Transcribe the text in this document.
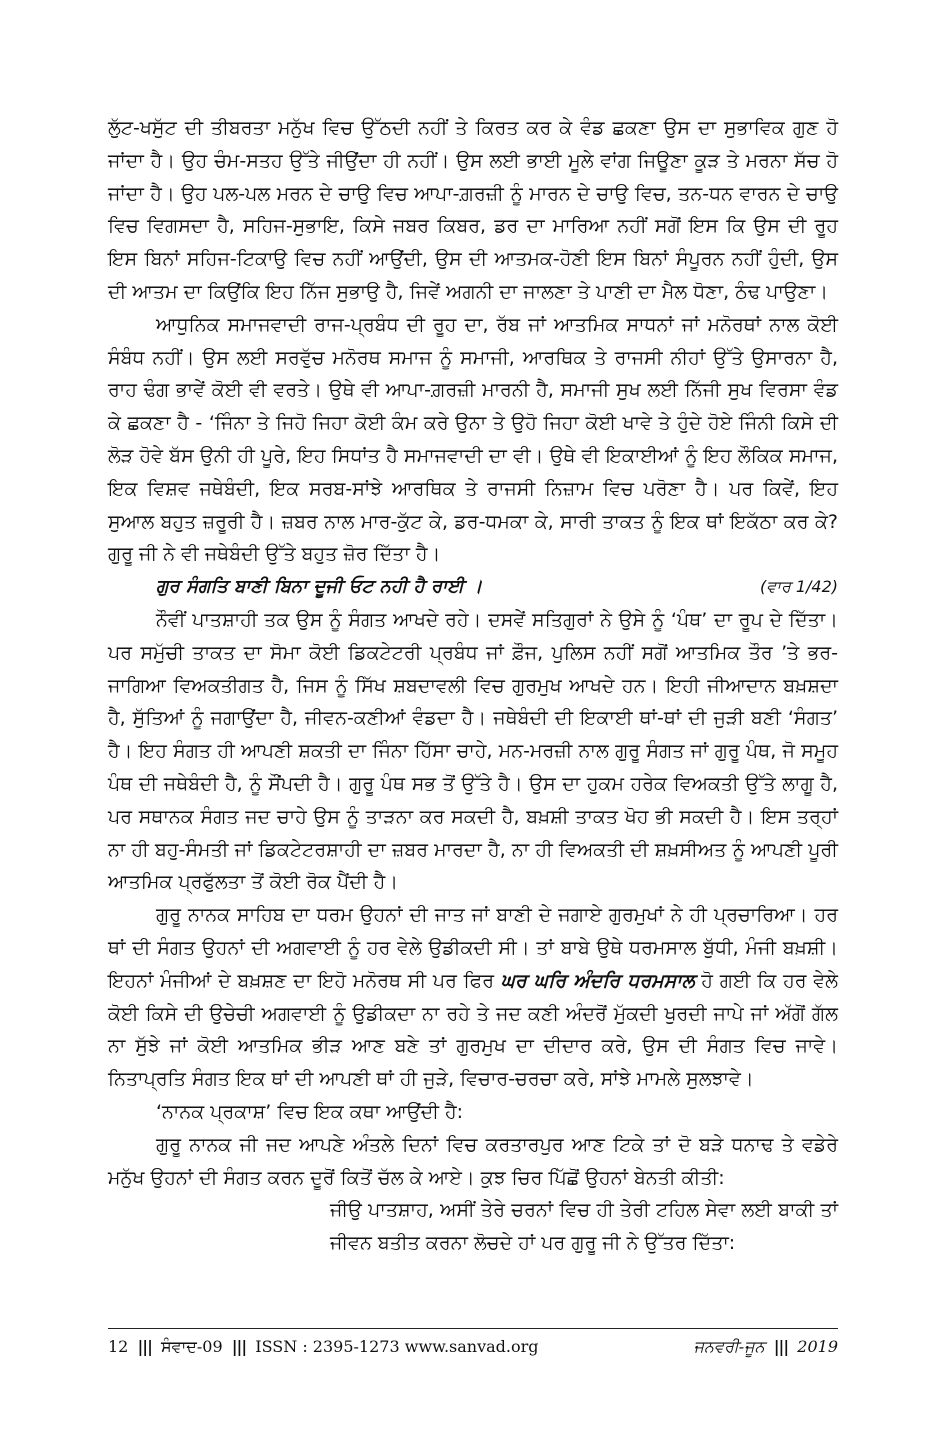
ਲੁੱਟ-ਖਸੁੱਟ ਦੀ ਤੀਬਰਤਾ ਮਨੁੱਖ ਵਿਚ ਉੱਠਦੀ ਨਹੀਂ ਤੇ ਕਿਰਤ ਕਰ ਕੇ ਵੰਡ ਛਕਣਾ ਉਸ ਦਾ ਸੁਭਾਵਿਕ ਗੁਣ ਹੋ ਜਾਂਦਾ ਹੈ। ਉਹ ਚੰਮ-ਸਤਹ ਉੱਤੇ ਜੀਉਂਦਾ ਹੀ ਨਹੀਂ। ਉਸ ਲਈ ਭਾਈ ਮੂਲੇ ਵਾਂਗ ਜਿਊਣਾ ਕੂੜ ਤੇ ਮਰਨਾ ਸੱਚ ਹੋ ਜਾਂਦਾ ਹੈ। ਉਹ ਪਲ-ਪਲ ਮਰਨ ਦੇ ਚਾਉ ਵਿਚ ਆਪਾ-ਗ਼ਰਜ਼ੀ ਨੂੰ ਮਾਰਨ ਦੇ ਚਾਉ ਵਿਚ, ਤਨ-ਧਨ ਵਾਰਨ ਦੇ ਚਾਉ ਵਿਚ ਵਿਗਸਦਾ ਹੈ, ਸਹਿਜ-ਸੁਭਾਇ, ਕਿਸੇ ਜਬਰ ਕਿਬਰ, ਡਰ ਦਾ ਮਾਰਿਆ ਨਹੀਂ ਸਗੋਂ ਇਸ ਕਿ ਉਸ ਦੀ ਰੂਹ ਇਸ ਬਿਨਾਂ ਸਹਿਜ-ਟਿਕਾਉ ਵਿਚ ਨਹੀਂ ਆਉਂਦੀ, ਉਸ ਦੀ ਆਤਮਕ-ਹੋਣੀ ਇਸ ਬਿਨਾਂ ਸੰਪੂਰਨ ਨਹੀਂ ਹੁੰਦੀ, ਉਸ ਦੀ ਆਤਮ ਦਾ ਕਿਉਂਕਿ ਇਹ ਨਿੱਜ ਸੁਭਾਉ ਹੈ, ਜਿਵੇਂ ਅਗਨੀ ਦਾ ਜਾਲਣਾ ਤੇ ਪਾਣੀ ਦਾ ਮੈਲ ਧੋਣਾ, ਠੰਢ ਪਾਉਣਾ।

ਆਧੁਨਿਕ ਸਮਾਜਵਾਦੀ ਰਾਜ-ਪ੍ਰਬੰਧ ਦੀ ਰੂਹ ਦਾ, ਰੱਬ ਜਾਂ ਆਤਮਿਕ ਸਾਧਨਾਂ ਜਾਂ ਮਨੋਰਥਾਂ ਨਾਲ ਕੋਈ ਸੰਬੰਧ ਨਹੀਂ। ਉਸ ਲਈ ਸਰਵੁੱਚ ਮਨੋਰਥ ਸਮਾਜ ਨੂੰ ਸਮਾਜੀ, ਆਰਥਿਕ ਤੇ ਰਾਜਸੀ ਨੀਹਾਂ ਉੱਤੇ ਉਸਾਰਨਾ ਹੈ, ਰਾਹ ਢੰਗ ਭਾਵੇਂ ਕੋਈ ਵੀ ਵਰਤੇ। ਉਥੇ ਵੀ ਆਪਾ-ਗ਼ਰਜ਼ੀ ਮਾਰਨੀ ਹੈ, ਸਮਾਜੀ ਸੁਖ ਲਈ ਨਿੱਜੀ ਸੁਖ ਵਿਰਸਾ ਵੰਡ ਕੇ ਛਕਣਾ ਹੈ - ‘ਜਿੰਨਾ ਤੇ ਜਿਹੋ ਜਿਹਾ ਕੋਈ ਕੰਮ ਕਰੇ ਉਨਾ ਤੇ ਉਹੋ ਜਿਹਾ ਕੋਈ ਖਾਵੇ ਤੇ ਹੁੰਦੇ ਹੋਏ ਜਿੰਨੀ ਕਿਸੇ ਦੀ ਲੋੜ ਹੋਵੇ ਬੱਸ ਉਨੀ ਹੀ ਪੂਰੇ, ਇਹ ਸਿਧਾਂਤ ਹੈ ਸਮਾਜਵਾਦੀ ਦਾ ਵੀ। ਉਥੇ ਵੀ ਇਕਾਈਆਂ ਨੂੰ ਇਹ ਲੌਕਿਕ ਸਮਾਜ, ਇਕ ਵਿਸ਼ਵ ਜਥੇਬੰਦੀ, ਇਕ ਸਰਬ-ਸਾਂਝੇ ਆਰਥਿਕ ਤੇ ਰਾਜਸੀ ਨਿਜ਼ਾਮ ਵਿਚ ਪਰੋਣਾ ਹੈ। ਪਰ ਕਿਵੇਂ, ਇਹ ਸੁਆਲ ਬਹੁਤ ਜ਼ਰੂਰੀ ਹੈ। ਜ਼ਬਰ ਨਾਲ ਮਾਰ-ਕੁੱਟ ਕੇ, ਡਰ-ਧਮਕਾ ਕੇ, ਸਾਰੀ ਤਾਕਤ ਨੂੰ ਇਕ ਥਾਂ ਇਕੱਠਾ ਕਰ ਕੇ? ਗੁਰੂ ਜੀ ਨੇ ਵੀ ਜਥੇਬੰਦੀ ਉੱਤੇ ਬਹੁਤ ਜ਼ੋਰ ਦਿੱਤਾ ਹੈ।

ਗੁਰ ਸੰਗਤਿ ਬਾਣੀ ਬਿਨਾ ਦੂਜੀ ਓਟ ਨਹੀ ਹੈ ਰਾਈ ।	(ਵਾਰ 1/42)

ਨੌਵੀਂ ਪਾਤਸ਼ਾਹੀ ਤਕ ਉਸ ਨੂੰ ਸੰਗਤ ਆਖਦੇ ਰਹੇ। ਦਸਵੇਂ ਸਤਿਗੁਰਾਂ ਨੇ ਉਸੇ ਨੂੰ ‘ਪੰਥ’ ਦਾ ਰੂਪ ਦੇ ਦਿੱਤਾ। ਪਰ ਸਮੁੱਚੀ ਤਾਕਤ ਦਾ ਸੋਮਾ ਕੋਈ ਡਿਕਟੇਟਰੀ ਪ੍ਰਬੰਧ ਜਾਂ ਫ਼ੌਜ, ਪੁਲਿਸ ਨਹੀਂ ਸਗੋਂ ਆਤਮਿਕ ਤੌਰ ’ਤੇ ਭਰ-ਜਾਗਿਆ ਵਿਅਕਤੀਗਤ ਹੈ, ਜਿਸ ਨੂੰ ਸਿੱਖ ਸ਼ਬਦਾਵਲੀ ਵਿਚ ਗੁਰਮੁਖ ਆਖਦੇ ਹਨ। ਇਹੀ ਜੀਆਦਾਨ ਬਖ਼ਸ਼ਦਾ ਹੈ, ਸੁੱਤਿਆਂ ਨੂੰ ਜਗਾਉਂਦਾ ਹੈ, ਜੀਵਨ-ਕਣੀਆਂ ਵੰਡਦਾ ਹੈ। ਜਥੇਬੰਦੀ ਦੀ ਇਕਾਈ ਥਾਂ-ਥਾਂ ਦੀ ਜੁੜੀ ਬਣੀ ‘ਸੰਗਤ’ ਹੈ। ਇਹ ਸੰਗਤ ਹੀ ਆਪਣੀ ਸ਼ਕਤੀ ਦਾ ਜਿੰਨਾ ਹਿੱਸਾ ਚਾਹੇ, ਮਨ-ਮਰਜ਼ੀ ਨਾਲ ਗੁਰੂ ਸੰਗਤ ਜਾਂ ਗੁਰੂ ਪੰਥ, ਜੋ ਸਮੂਹ ਪੰਥ ਦੀ ਜਥੇਬੰਦੀ ਹੈ, ਨੂੰ ਸੌਂਪਦੀ ਹੈ। ਗੁਰੂ ਪੰਥ ਸਭ ਤੋਂ ਉੱਤੇ ਹੈ। ਉਸ ਦਾ ਹੁਕਮ ਹਰੇਕ ਵਿਅਕਤੀ ਉੱਤੇ ਲਾਗੂ ਹੈ, ਪਰ ਸਥਾਨਕ ਸੰਗਤ ਜਦ ਚਾਹੇ ਉਸ ਨੂੰ ਤਾੜਨਾ ਕਰ ਸਕਦੀ ਹੈ, ਬਖ਼ਸ਼ੀ ਤਾਕਤ ਖੋਹ ਭੀ ਸਕਦੀ ਹੈ। ਇਸ ਤਰ੍ਹਾਂ ਨਾ ਹੀ ਬਹੁ-ਸੰਮਤੀ ਜਾਂ ਡਿਕਟੇਟਰਸ਼ਾਹੀ ਦਾ ਜ਼ਬਰ ਮਾਰਦਾ ਹੈ, ਨਾ ਹੀ ਵਿਅਕਤੀ ਦੀ ਸ਼ਖ਼ਸੀਅਤ ਨੂੰ ਆਪਣੀ ਪੂਰੀ ਆਤਮਿਕ ਪ੍ਰਫੁੱਲਤਾ ਤੋਂ ਕੋਈ ਰੋਕ ਪੈਂਦੀ ਹੈ।

ਗੁਰੂ ਨਾਨਕ ਸਾਹਿਬ ਦਾ ਧਰਮ ਉਹਨਾਂ ਦੀ ਜਾਤ ਜਾਂ ਬਾਣੀ ਦੇ ਜਗਾਏ ਗੁਰਮੁਖਾਂ ਨੇ ਹੀ ਪ੍ਰਚਾਰਿਆ। ਹਰ ਥਾਂ ਦੀ ਸੰਗਤ ਉਹਨਾਂ ਦੀ ਅਗਵਾਈ ਨੂੰ ਹਰ ਵੇਲੇ ਉਡੀਕਦੀ ਸੀ। ਤਾਂ ਬਾਬੇ ਉਥੇ ਧਰਮਸਾਲ ਬੁੱਧੀ, ਮੰਜੀ ਬਖ਼ਸ਼ੀ। ਇਹਨਾਂ ਮੰਜੀਆਂ ਦੇ ਬਖ਼ਸ਼ਣ ਦਾ ਇਹੋ ਮਨੋਰਥ ਸੀ ਪਰ ਫਿਰ ਘਰ ਘਰਿ ਅੰਦਰਿ ਧਰਮਸਾਲ ਹੋ ਗਈ ਕਿ ਹਰ ਵੇਲੇ ਕੋਈ ਕਿਸੇ ਦੀ ਉਚੇਚੀ ਅਗਵਾਈ ਨੂੰ ਉਡੀਕਦਾ ਨਾ ਰਹੇ ਤੇ ਜਦ ਕਣੀ ਅੰਦਰੋਂ ਮੁੱਕਦੀ ਖੁਰਦੀ ਜਾਪੇ ਜਾਂ ਅੱਗੋਂ ਗੱਲ ਨਾ ਸੁੱਝੇ ਜਾਂ ਕੋਈ ਆਤਮਿਕ ਭੀੜ ਆਣ ਬਣੇ ਤਾਂ ਗੁਰਮੁਖ ਦਾ ਦੀਦਾਰ ਕਰੇ, ਉਸ ਦੀ ਸੰਗਤ ਵਿਚ ਜਾਵੇ। ਨਿਤਾਪ੍ਰਤਿ ਸੰਗਤ ਇਕ ਥਾਂ ਦੀ ਆਪਣੀ ਥਾਂ ਹੀ ਜੁੜੇ, ਵਿਚਾਰ-ਚਰਚਾ ਕਰੇ, ਸਾਂਝੇ ਮਾਮਲੇ ਸੁਲਝਾਵੇ।

‘ਨਾਨਕ ਪ੍ਰਕਾਸ਼’ ਵਿਚ ਇਕ ਕਥਾ ਆਉਂਦੀ ਹੈ:

ਗੁਰੂ ਨਾਨਕ ਜੀ ਜਦ ਆਪਣੇ ਅੰਤਲੇ ਦਿਨਾਂ ਵਿਚ ਕਰਤਾਰਪੁਰ ਆਣ ਟਿਕੇ ਤਾਂ ਦੋ ਬੜੇ ਧਨਾਢ ਤੇ ਵਡੇਰੇ ਮਨੁੱਖ ਉਹਨਾਂ ਦੀ ਸੰਗਤ ਕਰਨ ਦੂਰੋਂ ਕਿਤੋਂ ਚੱਲ ਕੇ ਆਏ। ਕੁਝ ਚਿਰ ਪਿੱਛੋਂ ਉਹਨਾਂ ਬੇਨਤੀ ਕੀਤੀ:

ਜੀਉ ਪਾਤਸ਼ਾਹ, ਅਸੀਂ ਤੇਰੇ ਚਰਨਾਂ ਵਿਚ ਹੀ ਤੇਰੀ ਟਹਿਲ ਸੇਵਾ ਲਈ ਬਾਕੀ ਤਾਂ ਜੀਵਨ ਬਤੀਤ ਕਰਨਾ ਲੋਚਦੇ ਹਾਂ ਪਰ ਗੁਰੂ ਜੀ ਨੇ ਉੱਤਰ ਦਿੱਤਾ:

12 ||| ਸੰਵਾਦ-09 ||| ISSN : 2395-1273 www.sanvad.org	ਜਨਵਰੀ-ਜੂਨ ||| 2019
